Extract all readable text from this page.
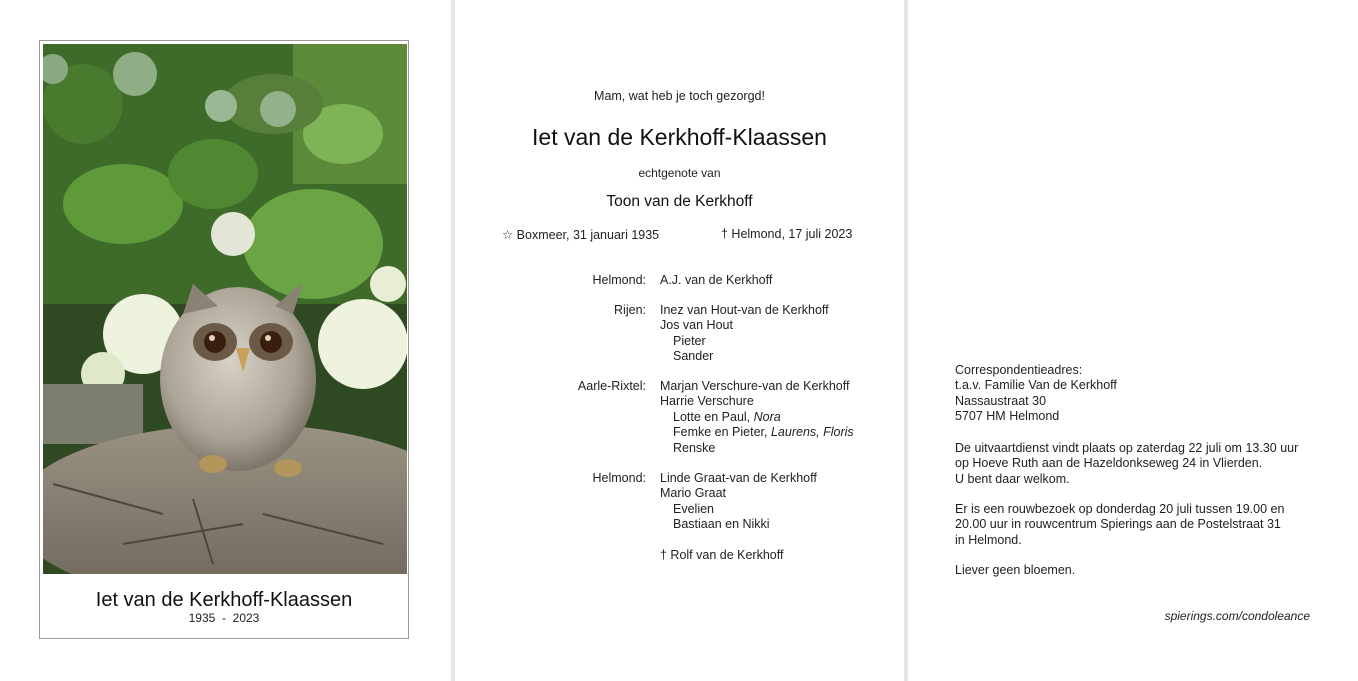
Iet van de Kerkhoff-Klaassen
1935  -  2023
Mam, wat heb je toch gezorgd!
Iet van de Kerkhoff-Klaassen
echtgenote van
Toon van de Kerkhoff
☆ Boxmeer, 31 januari 1935	† Helmond, 17 juli 2023
Helmond: A.J. van de Kerkhoff
Rijen: Inez van Hout-van de Kerkhoff
Jos van Hout
Pieter
Sander
Aarle-Rixtel: Marjan Verschure-van de Kerkhoff
Harrie Verschure
Lotte en Paul, Nora
Femke en Pieter, Laurens, Floris
Renske
Helmond: Linde Graat-van de Kerkhoff
Mario Graat
Evelien
Bastiaan en Nikki
† Rolf van de Kerkhoff
Correspondentieadres:
t.a.v. Familie Van de Kerkhoff
Nassaustraat 30
5707 HM Helmond
De uitvaartdienst vindt plaats op zaterdag 22 juli om 13.30 uur
op Hoeve Ruth aan de Hazeldonkseweg 24 in Vlierden.
U bent daar welkom.
Er is een rouwbezoek op donderdag 20 juli tussen 19.00 en
20.00 uur in rouwcentrum Spierings aan de Postelstraat 31
in Helmond.
Liever geen bloemen.
spierings.com/condoleance
